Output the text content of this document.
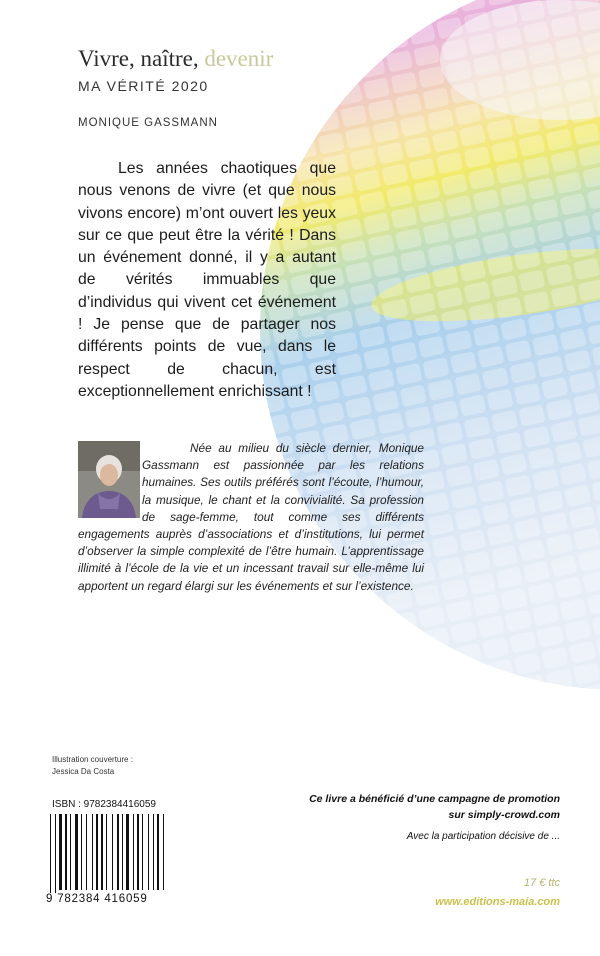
Vivre, naître, devenir
MA VÉRITÉ 2020
MONIQUE GASSMANN

Les années chaotiques que nous venons de vivre (et que nous vivons encore) m’ont ouvert les yeux sur ce que peut être la vérité ! Dans un événement donné, il y a autant de vérités immuables que d’individus qui vivent cet événement ! Je pense que de partager nos différents points de vue, dans le respect de chacun, est exceptionnellement enrichissant !

Née au milieu du siècle dernier, Monique Gassmann est passionnée par les relations humaines. Ses outils préférés sont l’écoute, l’humour, la musique, le chant et la convivialité. Sa profession de sage-femme, tout comme ses différents engagements auprès d’associations et d’institutions, lui permet d’observer la simple complexité de l’être humain. L’apprentissage illimité à l’école de la vie et un incessant travail sur elle-même lui apportent un regard élargi sur les événements et sur l’existence.

Illustration couverture :
Jessica Da Costa
ISBN : 9782384416059
9 782384 416059
Ce livre a bénéficié d’une campagne de promotion
sur simply-crowd.com
Avec la participation décisive de ...
17 € ttc
www.editions-maia.com
